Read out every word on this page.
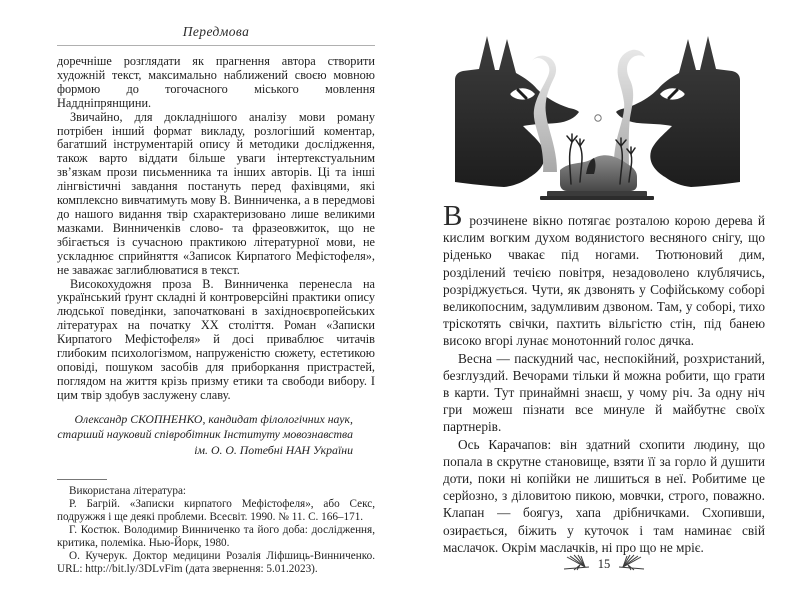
Передмова

доречніше розглядати як прагнення автора створити художній текст, максимально наближений своєю мовною формою до тогочасного міського мовлення Наддніпрянщини.

Звичайно, для докладнішого аналізу мови роману потрібен інший формат викладу, розлогіший коментар, багатший інструментарій опису й методики дослідження, також варто віддати більше уваги інтертекстуальним зв’язкам прози письменника та інших авторів. Ці та інші лінгвістичні завдання постануть перед фахівцями, які комплексно вивчатимуть мову В. Винниченка, а в передмові до нашого видання твір схарактеризовано лише великими мазками. Винниченків слово- та фразеовжиток, що не збігається із сучасною практикою літературної мови, не ускладнює сприйняття «Записок Кирпатого Мефістофеля», не заважає заглиблюватися в текст.

Високохудожня проза В. Винниченка перенесла на український ґрунт складні й контроверсійні практики опису людської поведінки, започатковані в західноєвропейських літературах на початку ХХ століття. Роман «Записки Кирпатого Мефістофеля» й досі приваблює читачів глибоким психологізмом, напруженістю сюжету, естетикою оповіді, пошуком засобів для приборкання пристрастей, поглядом на життя крізь призму етики та свободи вибору. І цим твір здобув заслужену славу.

Олександр СКОПНЕНКО, кандидат філологічних наук,
старший науковий співробітник Інституту мовознавства
ім. О. О. Потебні НАН України
Використана література:
Р. Багрій. «Записки кирпатого Мефістофеля», або Секс, подружжя і ще деякі проблеми. Всесвіт. 1990. № 11. С. 166–171.
Г. Костюк. Володимир Винниченко та його доба: дослідження, критика, полеміка. Нью-Йорк, 1980.
О. Кучерук. Доктор медицини Розалія Ліфшиць-Винниченко. URL: http://bit.ly/3DLvFim (дата звернення: 5.01.2023).

Врозчинене вікно потягає розталою корою дерева й кислим вогким духом водянистого весняного снігу, що ріденько чвакає під ногами. Тютюновий дим, розділений течією повітря, незадоволено клублячись, розріджується. Чути, як дзвонять у Софійському соборі великопосним, задумливим дзвоном. Там, у соборі, тихо тріскотять свічки, пахтить вільгістю стін, під банею високо вгорі лунає монотонний голос дячка.

Весна — паскудний час, неспокійний, розхристаний, безглуздий. Вечорами тільки й можна робити, що грати в карти. Тут принаймні знаєш, у чому річ. За одну ніч гри можеш пізнати все минуле й майбутнє своїх партнерів.

Ось Карачапов: він здатний схопити людину, що попала в скрутне становище, взяти її за горло й душити доти, поки ні копійки не лишиться в неї. Робитиме це серйозно, з діловитою пикою, мовчки, строго, поважно. Клапан — боягуз, хапа дрібничками. Схопивши, озирається, біжить у куточок і там наминає свій маслачок. Окрім маслачків, ні про що не мріє.

15
